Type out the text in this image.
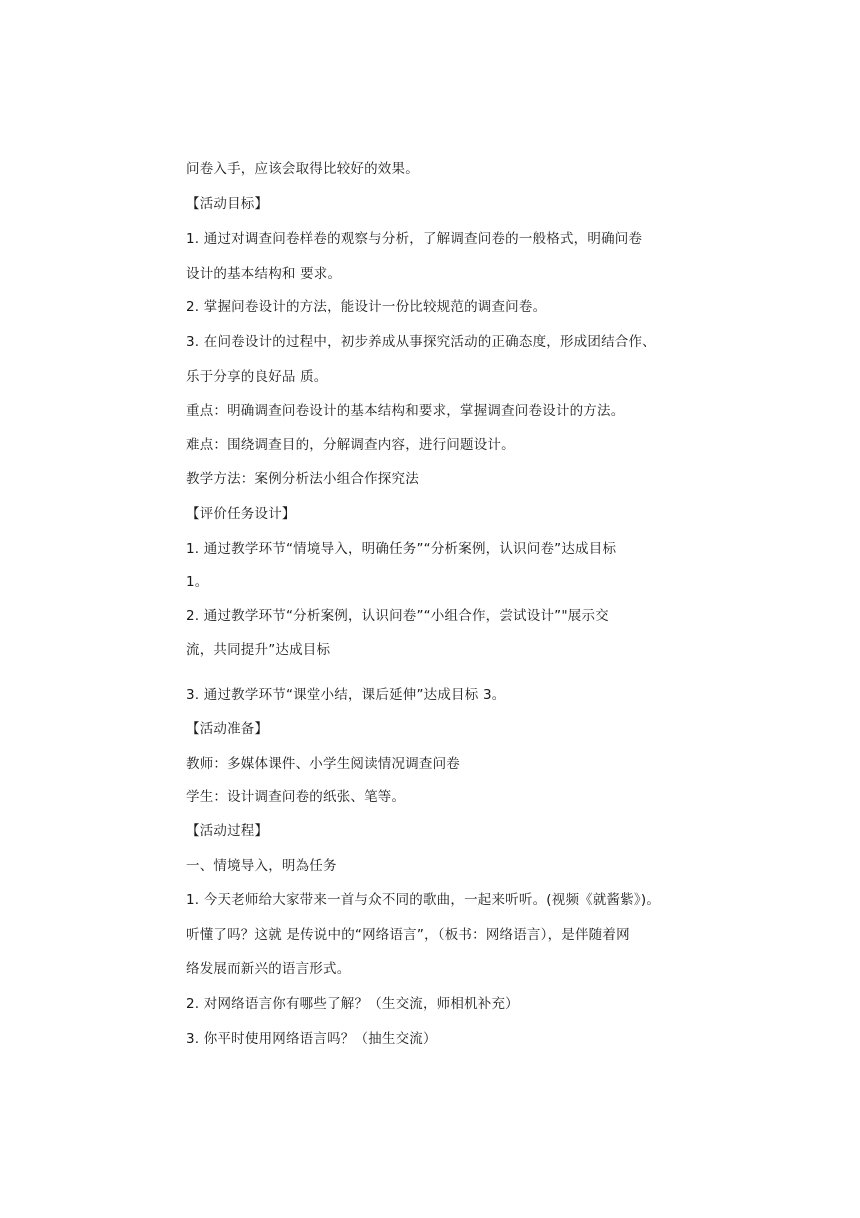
问卷入手，应该会取得比较好的效果。
【活动目标】
1. 通过对调查问卷样卷的观察与分析，了解调查问卷的一般格式，明确问卷
设计的基本结构和 要求。
2. 掌握问卷设计的方法，能设计一份比较规范的调查问卷。
3. 在问卷设计的过程中，初步养成从事探究活动的正确态度，形成团结合作、
乐于分享的良好品 质。
重点：明确调查问卷设计的基本结构和要求，掌握调查问卷设计的方法。
难点：围绕调查目的，分解调查内容，进行问题设计。
教学方法：案例分析法小组合作探究法
【评价任务设计】
1. 通过教学环节“情境导入，明确任务”“分析案例，认识问卷”达成目标
1。
2. 通过教学环节“分析案例，认识问卷”“小组合作，尝试设计”"展示交
流，共同提升”达成目标
3. 通过教学环节“课堂小结，课后延伸”达成目标 3。
【活动准备】
教师：多媒体课件、小学生阅读情况调查问卷
学生：设计调查问卷的纸张、笔等。
【活动过程】
一、情境导入，明為任务
1. 今天老师给大家带来一首与众不同的歌曲，一起来听听。(视频《就酱紫》)。
听懂了吗？这就 是传说中的“网络语言”，（板书：网络语言），是伴随着网
络发展而新兴的语言形式。
2. 对网络语言你有哪些了解？（生交流，师相机补充）
3. 你平时使用网络语言吗？（抽生交流）
